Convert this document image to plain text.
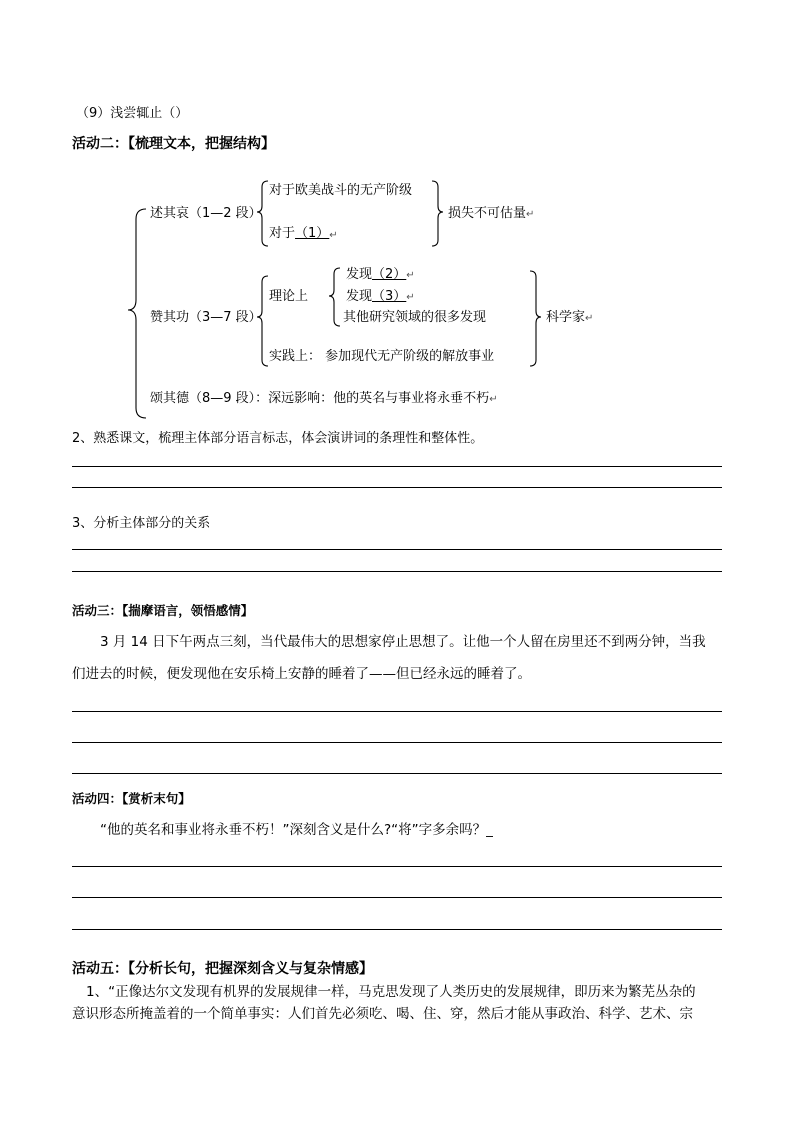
（9）浅尝辄止（）
活动二：【梳理文本，把握结构】
述其哀（1—2 段）
对于欧美战斗的无产阶级
对于（1）↵
损失不可估量↵
赞其功（3—7 段）
理论上
发现（2）↵
发现（3）↵
其他研究领域的很多发现	科学家↵
实践上： 参加现代无产阶级的解放事业
颂其德（8—9 段）：深远影响：他的英名与事业将永垂不朽↵
2、熟悉课文，梳理主体部分语言标志，体会演讲词的条理性和整体性。
3、分析主体部分的关系
活动三：【揣摩语言，领悟感情】
3 月 14 日下午两点三刻，当代最伟大的思想家停止思想了。让他一个人留在房里还不到两分钟，当我
们进去的时候，便发现他在安乐椅上安静的睡着了——但已经永远的睡着了。
活动四：【赏析末句】
“他的英名和事业将永垂不朽！”深刻含义是什么?“将”字多余吗？_
活动五：【分析长句，把握深刻含义与复杂情感】
1、“正像达尔文发现有机界的发展规律一样，马克思发现了人类历史的发展规律，即历来为繁芜丛杂的
意识形态所掩盖着的一个简单事实：人们首先必须吃、喝、住、穿，然后才能从事政治、科学、艺术、宗
